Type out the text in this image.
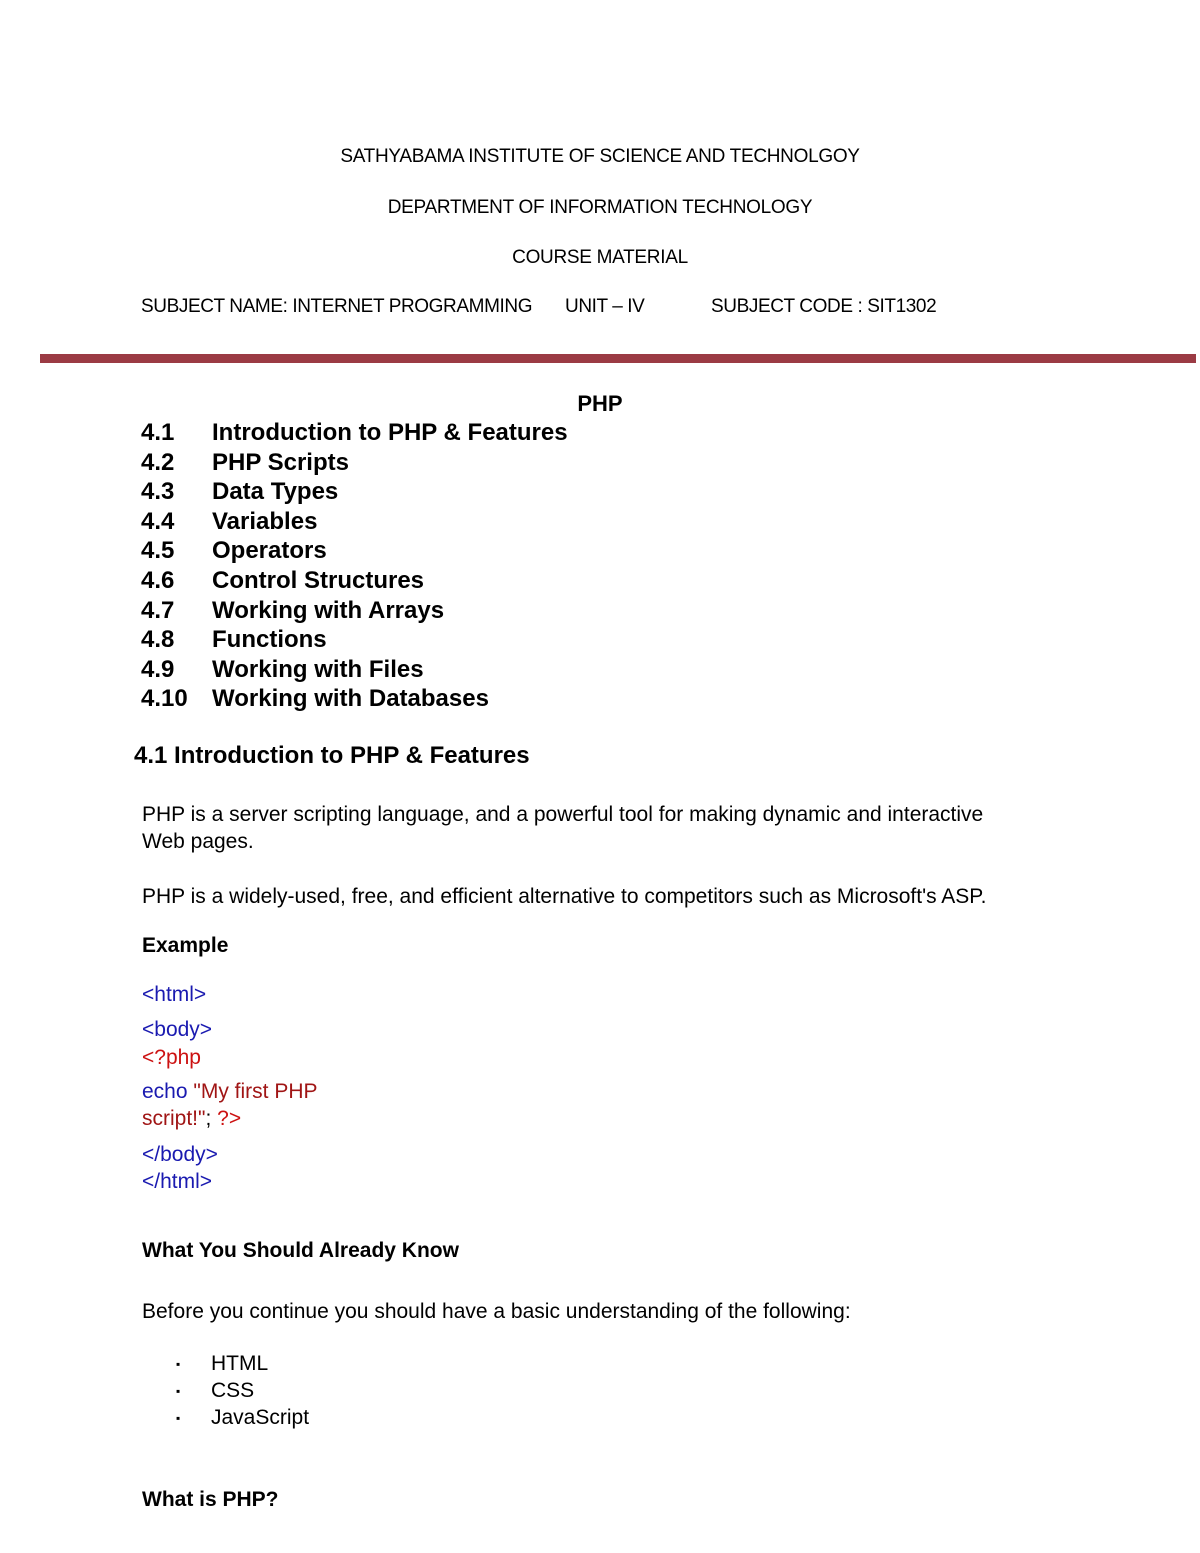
SATHYABAMA INSTITUTE OF SCIENCE AND TECHNOLGOY
DEPARTMENT OF INFORMATION TECHNOLOGY
COURSE MATERIAL
SUBJECT NAME: INTERNET PROGRAMMING UNIT – IV	SUBJECT CODE : SIT1302
PHP
4.1 Introduction to PHP & Features
4.2 PHP Scripts
4.3 Data Types
4.4 Variables
4.5 Operators
4.6 Control Structures
4.7 Working with Arrays
4.8 Functions
4.9 Working with Files
4.10 Working with Databases
4.1 Introduction to PHP & Features
PHP is a server scripting language, and a powerful tool for making dynamic and interactive
Web pages.
PHP is a widely-used, free, and efficient alternative to competitors such as Microsoft's ASP.
Example
<html>
<body>
<?php
echo "My first PHP
script!"; ?>
</body>
</html>
What You Should Already Know
Before you continue you should have a basic understanding of the following:
▪ HTML
▪ CSS
▪ JavaScript
What is PHP?
